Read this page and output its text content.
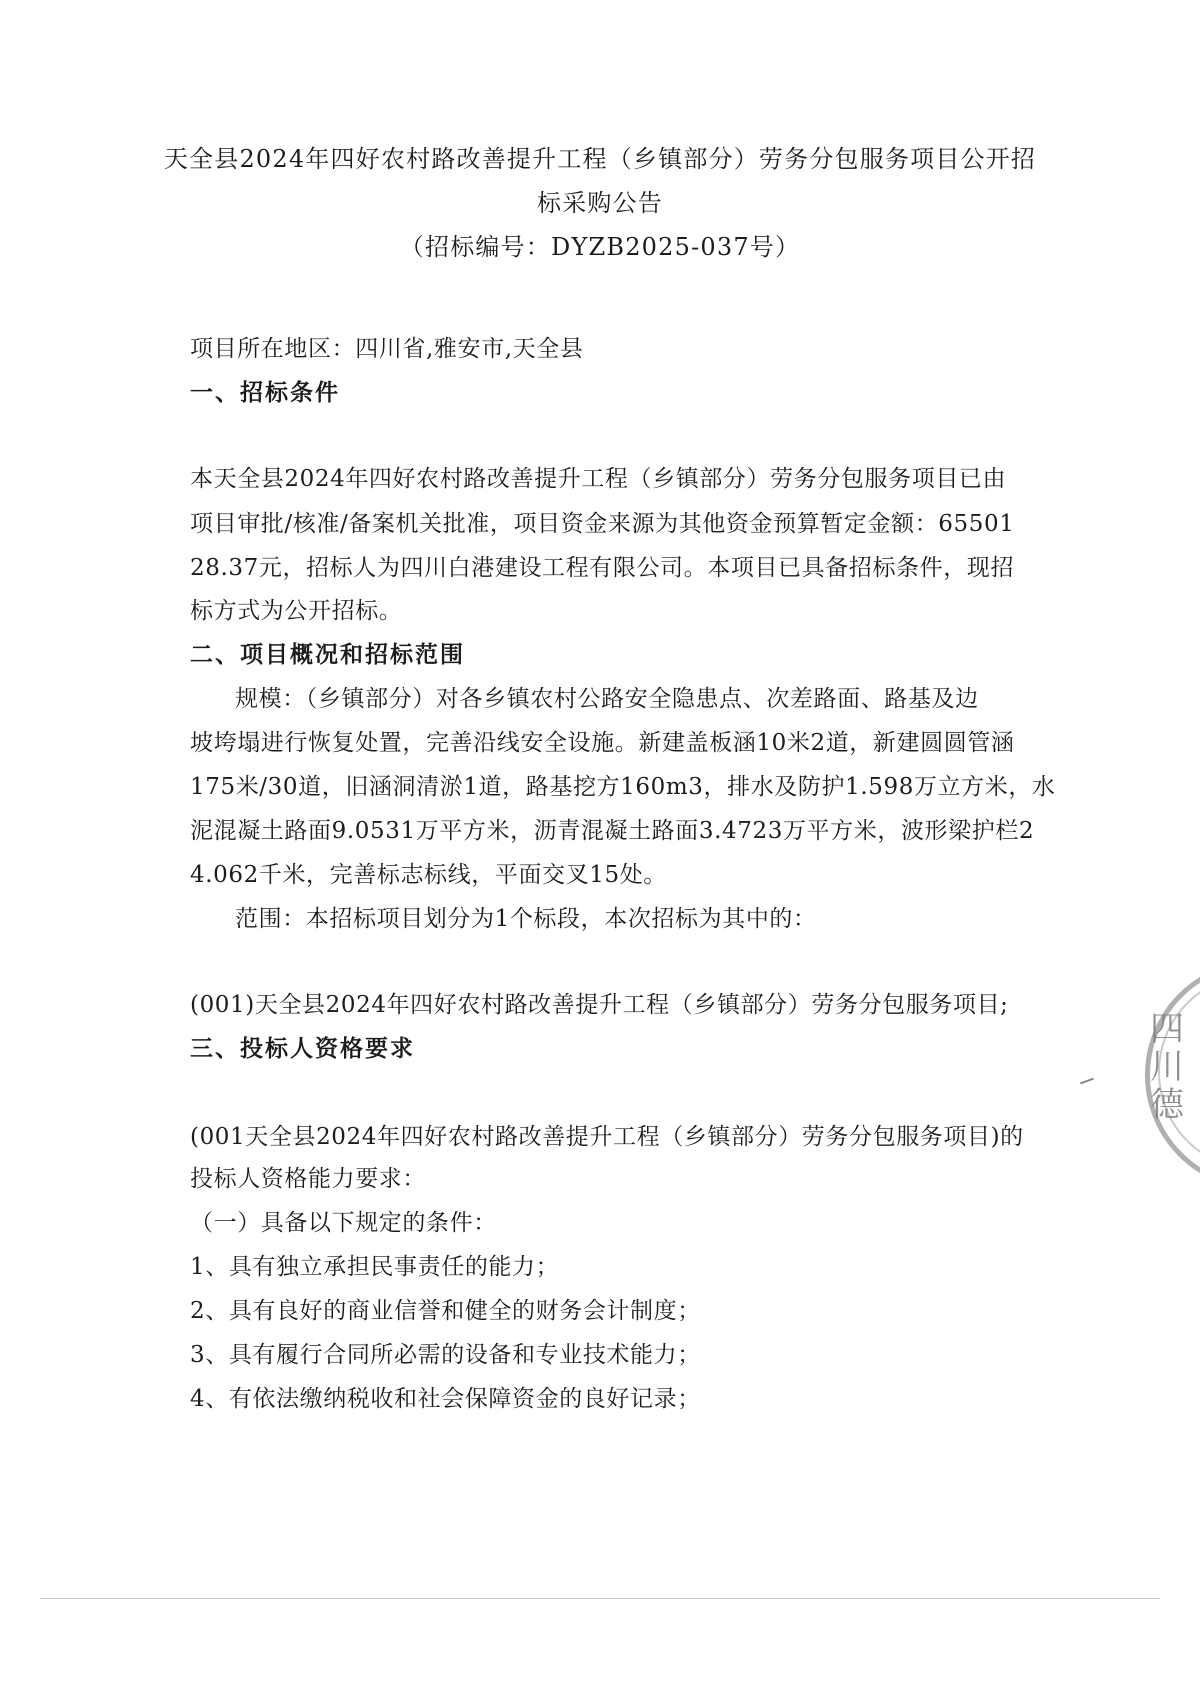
天全县2024年四好农村路改善提升工程（乡镇部分）劳务分包服务项目公开招
标采购公告
（招标编号：DYZB2025-037号）
项目所在地区：四川省,雅安市,天全县
一、招标条件
本天全县2024年四好农村路改善提升工程（乡镇部分）劳务分包服务项目已由
项目审批/核准/备案机关批准，项目资金来源为其他资金预算暂定金额：65501
28.37元，招标人为四川白港建设工程有限公司。本项目已具备招标条件，现招
标方式为公开招标。
二、项目概况和招标范围
规模：（乡镇部分）对各乡镇农村公路安全隐患点、次差路面、路基及边
坡垮塌进行恢复处置，完善沿线安全设施。新建盖板涵10米2道，新建圆圆管涵
175米/30道，旧涵洞清淤1道，路基挖方160m3，排水及防护1.598万立方米，水
泥混凝土路面9.0531万平方米，沥青混凝土路面3.4723万平方米，波形梁护栏2
4.062千米，完善标志标线，平面交叉15处。
范围：本招标项目划分为1个标段，本次招标为其中的：
(001)天全县2024年四好农村路改善提升工程（乡镇部分）劳务分包服务项目;
三、投标人资格要求
(001天全县2024年四好农村路改善提升工程（乡镇部分）劳务分包服务项目)的
投标人资格能力要求：
（一）具备以下规定的条件：
1、具有独立承担民事责任的能力；
2、具有良好的商业信誉和健全的财务会计制度；
3、具有履行合同所必需的设备和专业技术能力；
4、有依法缴纳税收和社会保障资金的良好记录；
四川德
